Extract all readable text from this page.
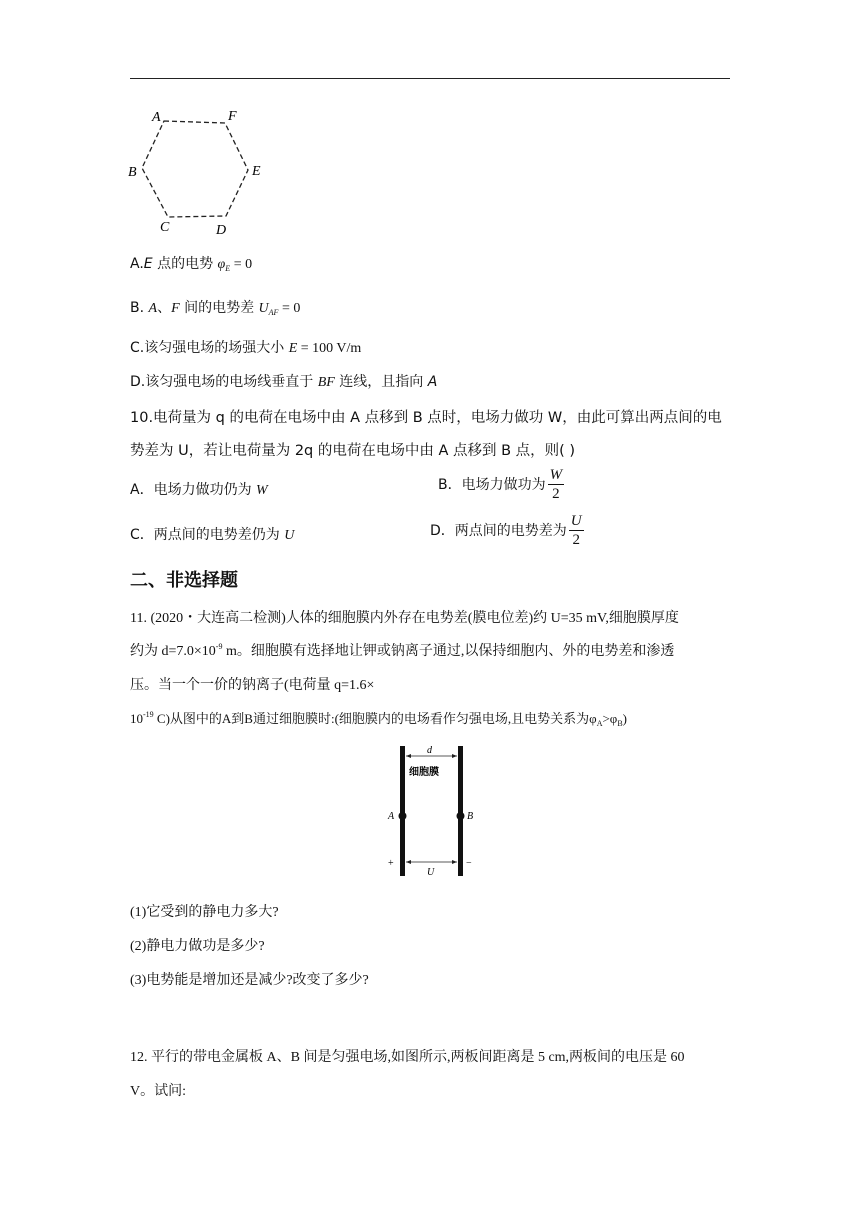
A	F
B	E
C	D
A.E 点的电势 $\varphi_E = 0$
B. A、F 间的电势差 $U_{AF} = 0$
C.该匀强电场的场强大小 E = 100 V/m
D.该匀强电场的电场线垂直于 BF 连线，且指向 A
10.电荷量为 q 的电荷在电场中由 A 点移到 B 点时，电场力做功 W，由此可算出两点间的电
势差为 U，若让电荷量为 2q 的电荷在电场中由 A 点移到 B 点，则( )
A．电场力做功仍为 W	B．电场力做功为 $\frac{W}{2}$
C．两点间的电势差仍为 U	D．两点间的电势差为 $\frac{U}{2}$
二、非选择题
11. (2020・大连高二检测)人体的细胞膜内外存在电势差(膜电位差)约 U=35 mV,细胞膜厚度
约为 $d=7.0\times 10^{-9}$ m。细胞膜有选择地让钾或钠离子通过,以保持细胞内、外的电势差和渗透
压。当一个一价的钠离子(电荷量 q=1.6×
$10^{-19}$ C)从图中的A到B通过细胞膜时:(细胞膜内的电场看作匀强电场,且电势关系为$\varphi_A>\varphi_B$)
d
细胞膜
A	B
+	−
U
(1)它受到的静电力多大?
(2)静电力做功是多少?
(3)电势能是增加还是减少?改变了多少?
12. 平行的带电金属板 A、B 间是匀强电场,如图所示,两板间距离是 5 cm,两板间的电压是 60
V。试问:
